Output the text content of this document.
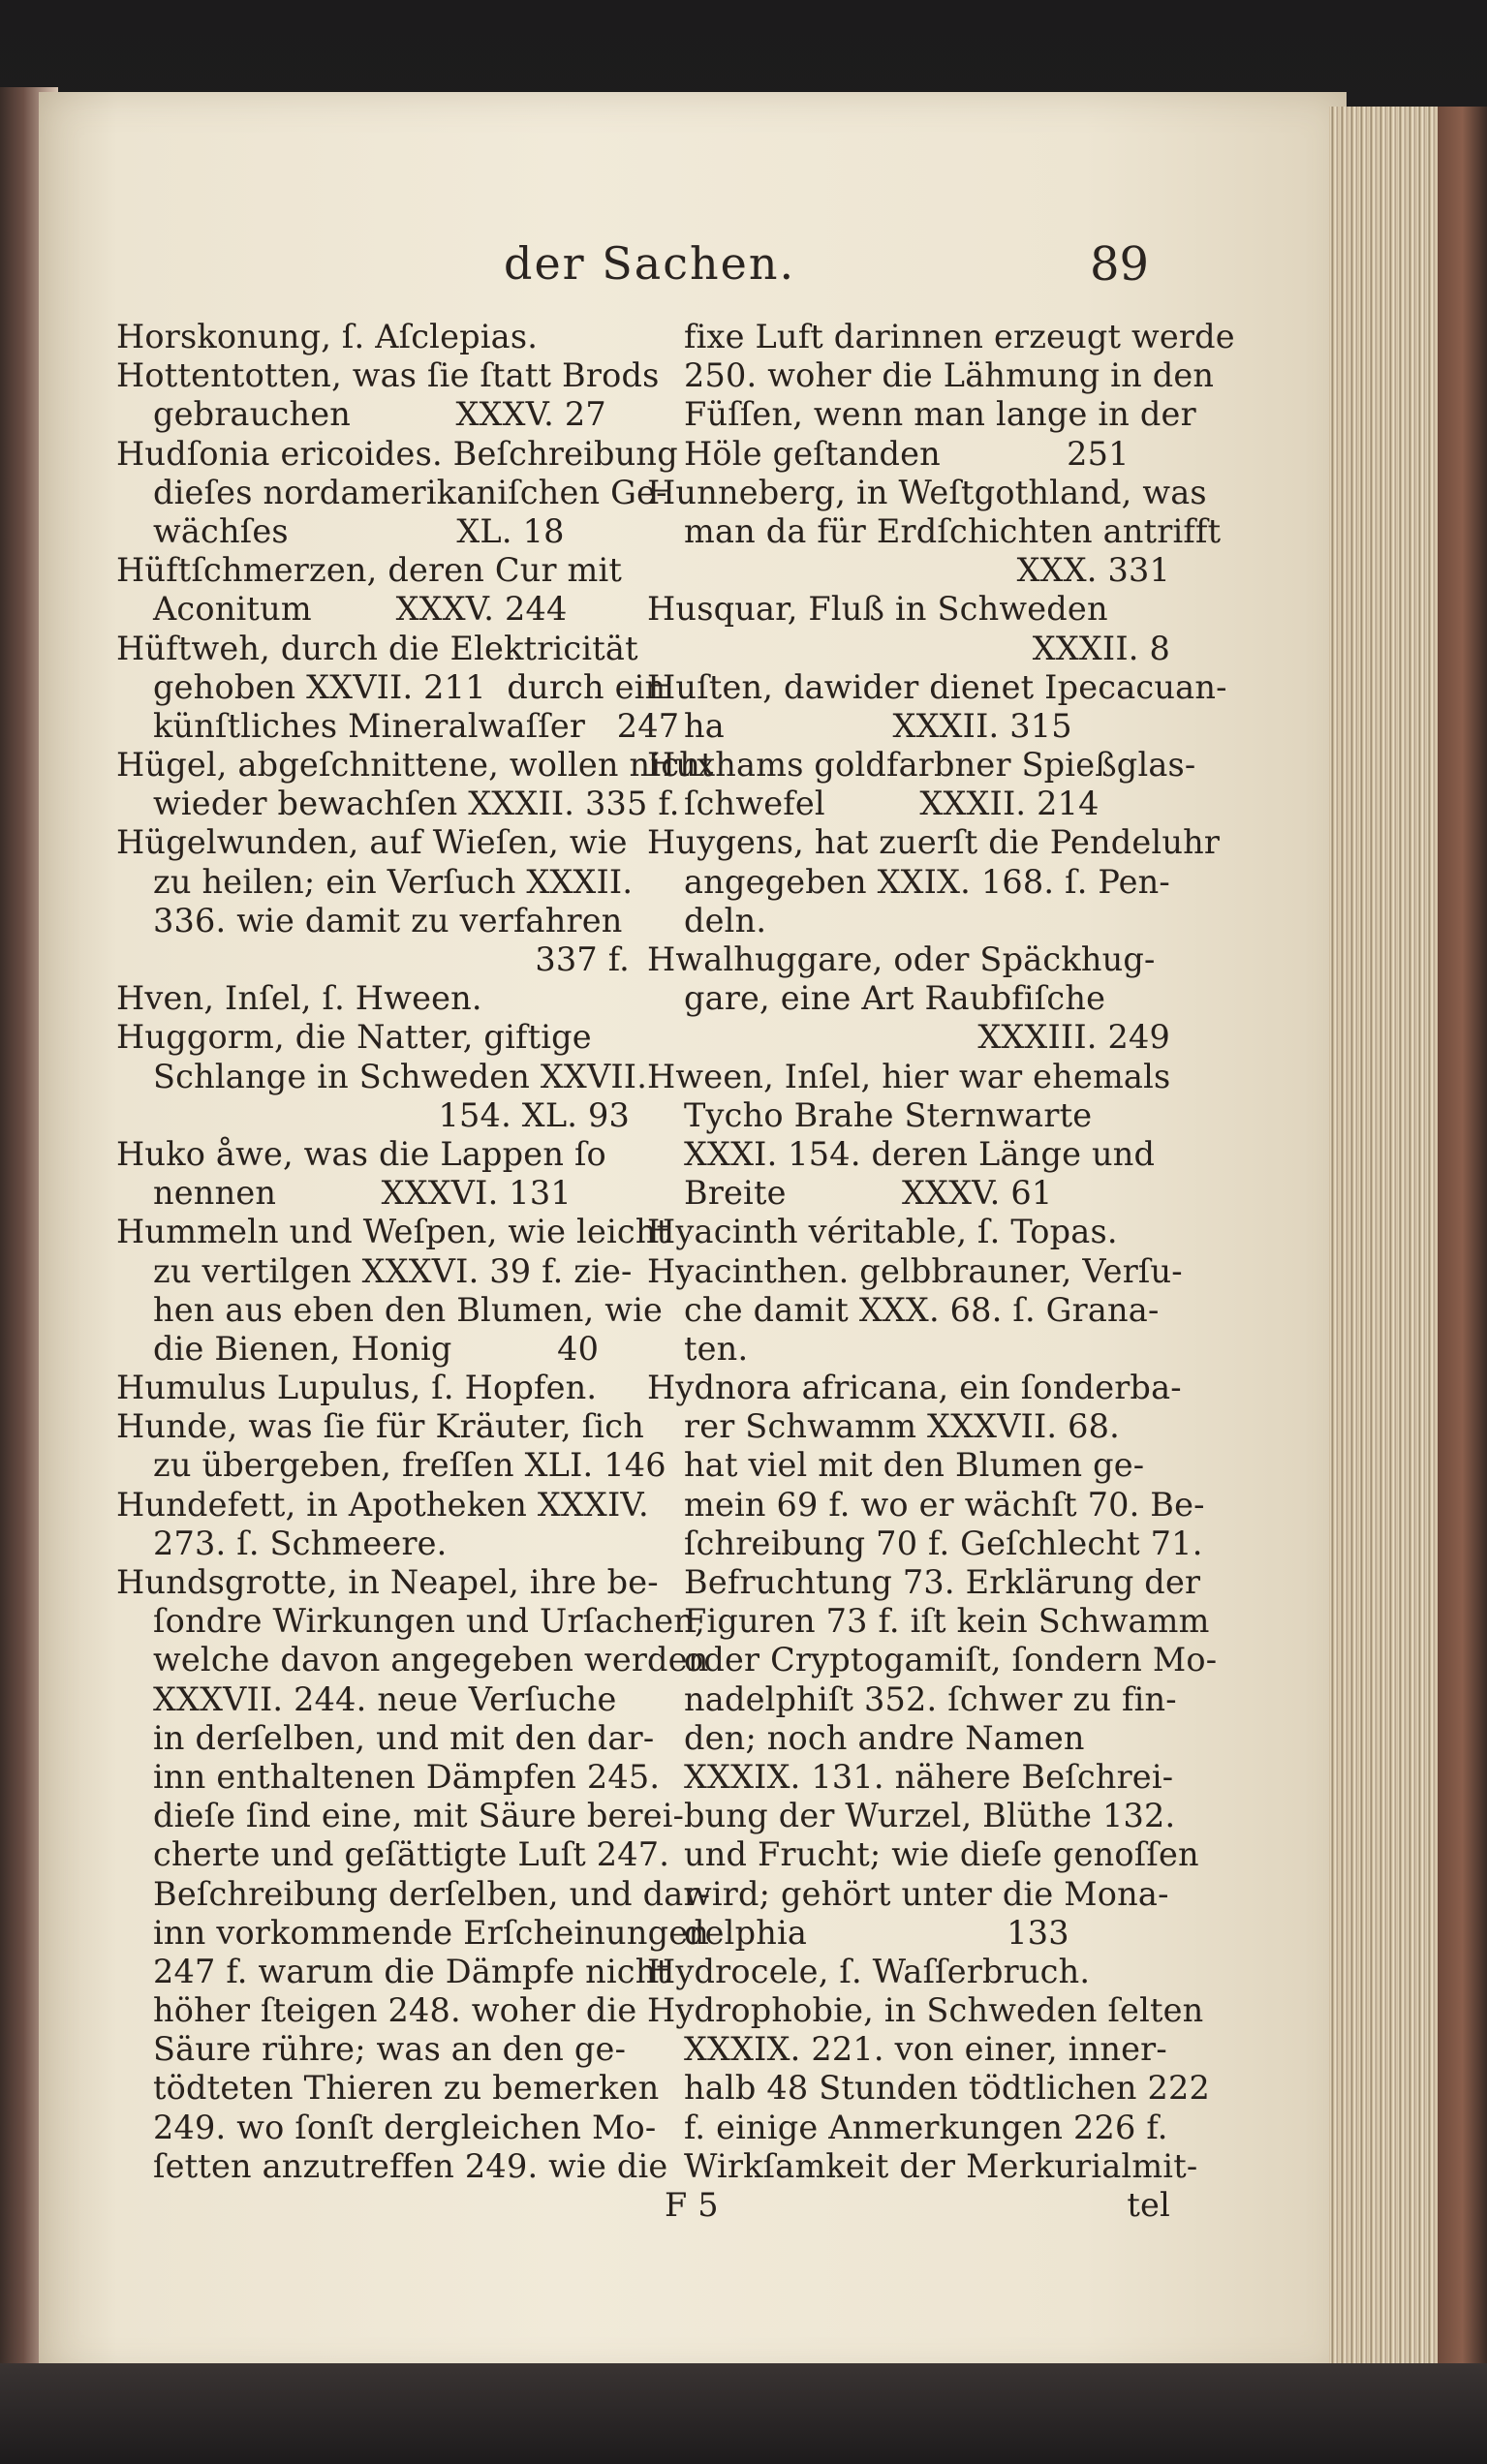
der Sachen.	89
Horskonung, ſ. Aſclepias.
Hottentotten, was ſie ſtatt Brods
gebrauchen          XXXV. 27
Hudſonia ericoides. Beſchreibung
dieſes nordamerikaniſchen Ge-
wächſes                XL. 18
Hüftſchmerzen, deren Cur mit
Aconitum        XXXV. 244
Hüftweh, durch die Elektricität
gehoben XXVII. 211  durch ein
künſtliches Mineralwaſſer   247
Hügel, abgeſchnittene, wollen nicht
wieder bewachſen XXXII. 335 f.
Hügelwunden, auf Wieſen, wie
zu heilen; ein Verſuch XXXII.
336. wie damit zu verfahren
337 f.
Hven, Inſel, ſ. Hween.
Huggorm, die Natter, giftige
Schlange in Schweden XXVII.
154. XL. 93
Huko åwe, was die Lappen ſo
nennen          XXXVI. 131
Hummeln und Weſpen, wie leicht
zu vertilgen XXXVI. 39 f. zie-
hen aus eben den Blumen, wie
die Bienen, Honig          40
Humulus Lupulus, ſ. Hopfen.
Hunde, was ſie für Kräuter, ſich
zu übergeben, freſſen XLI. 146
Hundefett, in Apotheken XXXIV.
273. ſ. Schmeere.
Hundsgrotte, in Neapel, ihre be-
ſondre Wirkungen und Urſachen,
welche davon angegeben werden
XXXVII. 244. neue Verſuche
in derſelben, und mit den dar-
inn enthaltenen Dämpfen 245.
dieſe ſind eine, mit Säure berei-
cherte und geſättigte Luſt 247.
Beſchreibung derſelben, und dar-
inn vorkommende Erſcheinungen
247 f. warum die Dämpfe nicht
höher ſteigen 248. woher die
Säure rühre; was an den ge-
tödteten Thieren zu bemerken
249. wo ſonſt dergleichen Mo-
ſetten anzutreffen 249. wie die
fixe Luft darinnen erzeugt werde
250. woher die Lähmung in den
Füſſen, wenn man lange in der
Höle geſtanden            251
Hunneberg, in Weſtgothland, was
man da für Erdſchichten antrifft
XXX. 331
Husquar, Fluß in Schweden
XXXII. 8
Huſten, dawider dienet Ipecacuan-
ha                XXXII. 315
Huxhams goldfarbner Spießglas-
ſchwefel         XXXII. 214
Huygens, hat zuerſt die Pendeluhr
angegeben XXIX. 168. ſ. Pen-
deln.
Hwalhuggare, oder Späckhug-
gare, eine Art Raubfiſche
XXXIII. 249
Hween, Inſel, hier war ehemals
Tycho Brahe Sternwarte
XXXI. 154. deren Länge und
Breite           XXXV. 61
Hyacinth véritable, ſ. Topas.
Hyacinthen. gelbbrauner, Verſu-
che damit XXX. 68. ſ. Grana-
ten.
Hydnora africana, ein ſonderba-
rer Schwamm XXXVII. 68.
hat viel mit den Blumen ge-
mein 69 f. wo er wächſt 70. Be-
ſchreibung 70 f. Geſchlecht 71.
Befruchtung 73. Erklärung der
Figuren 73 f. iſt kein Schwamm
oder Cryptogamiſt, ſondern Mo-
nadelphiſt 352. ſchwer zu fin-
den; noch andre Namen
XXXIX. 131. nähere Beſchrei-
bung der Wurzel, Blüthe 132.
und Frucht; wie dieſe genoſſen
wird; gehört unter die Mona-
delphia                   133
Hydrocele, ſ. Waſſerbruch.
Hydrophobie, in Schweden ſelten
XXXIX. 221. von einer, inner-
halb 48 Stunden tödtlichen 222
f. einige Anmerkungen 226 f.
Wirkſamkeit der Merkurialmit-
F 5	tel
